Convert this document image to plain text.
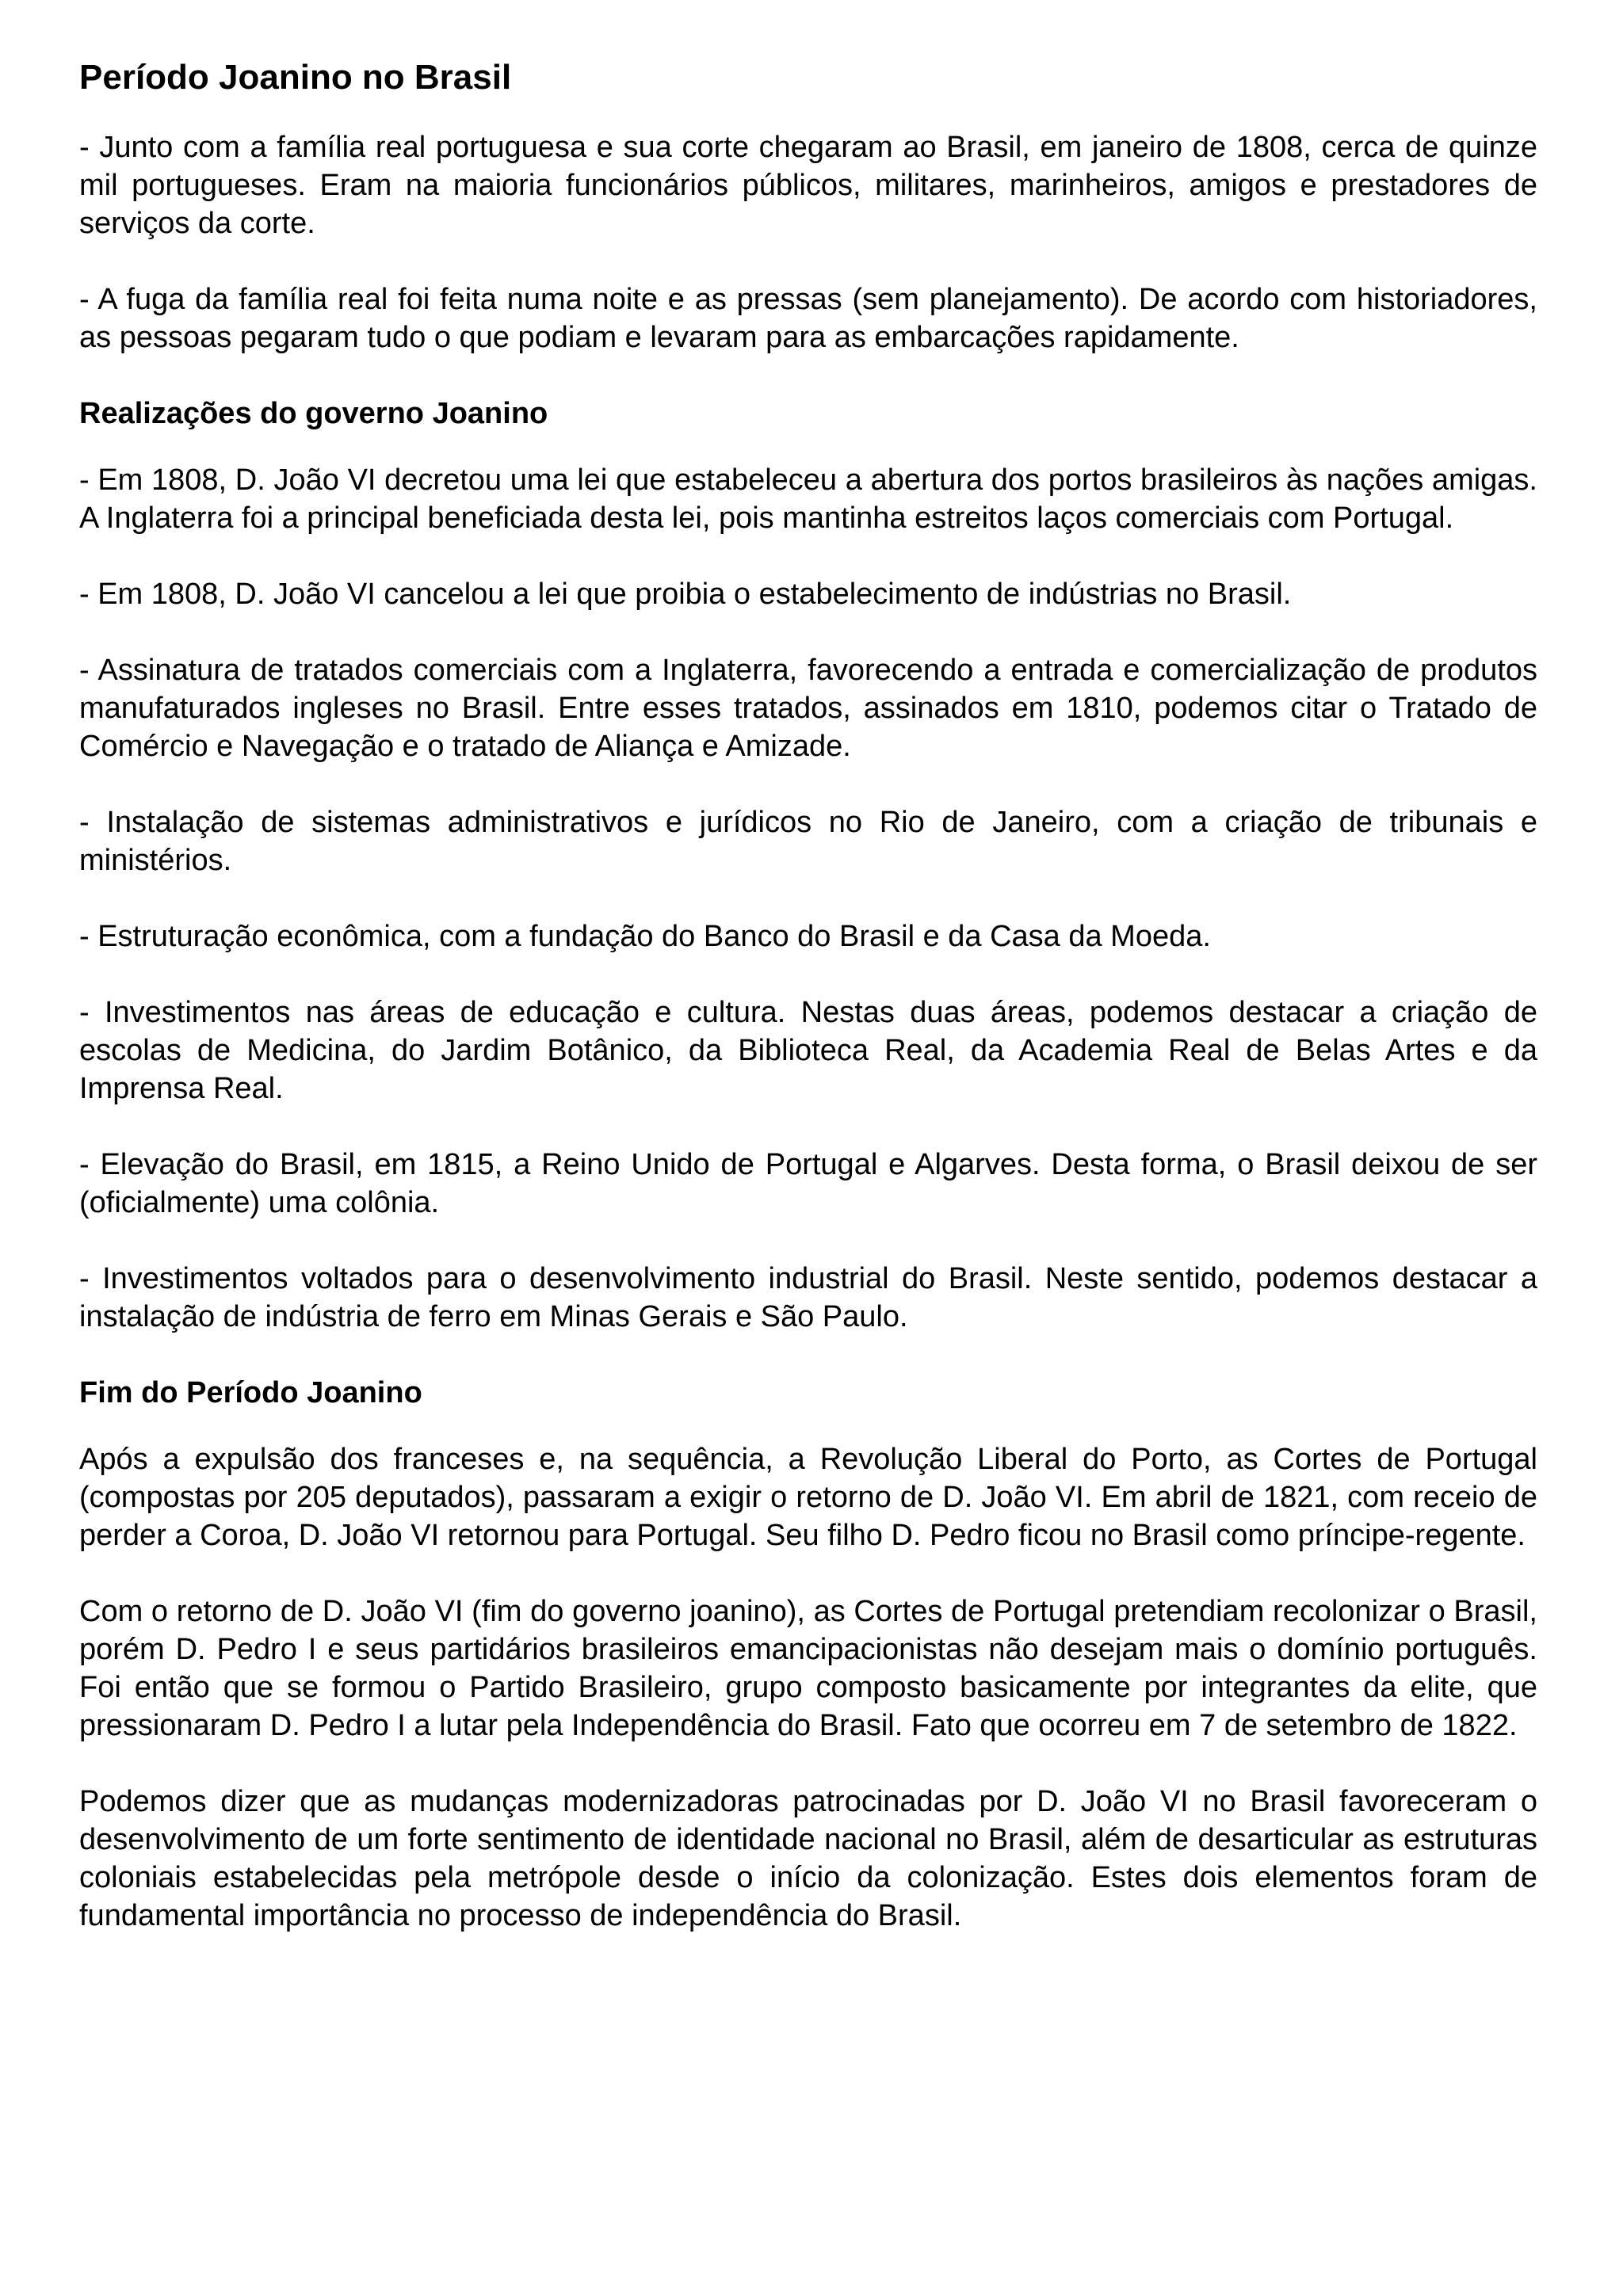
Período Joanino no Brasil

- Junto com a família real portuguesa e sua corte chegaram ao Brasil, em janeiro de 1808, cerca de quinze mil portugueses. Eram na maioria funcionários públicos, militares, marinheiros, amigos e prestadores de serviços da corte.

- A fuga da família real foi feita numa noite e as pressas (sem planejamento). De acordo com historiadores, as pessoas pegaram tudo o que podiam e levaram para as embarcações rapidamente.

Realizações do governo Joanino

- Em 1808, D. João VI decretou uma lei que estabeleceu a abertura dos portos brasileiros às nações amigas. A Inglaterra foi a principal beneficiada desta lei, pois mantinha estreitos laços comerciais com Portugal.

- Em 1808, D. João VI cancelou a lei que proibia o estabelecimento de indústrias no Brasil.

- Assinatura de tratados comerciais com a Inglaterra, favorecendo a entrada e comercialização de produtos manufaturados ingleses no Brasil. Entre esses tratados, assinados em 1810, podemos citar o Tratado de Comércio e Navegação e o tratado de Aliança e Amizade.

- Instalação de sistemas administrativos e jurídicos no Rio de Janeiro, com a criação de tribunais e ministérios.

- Estruturação econômica, com a fundação do Banco do Brasil e da Casa da Moeda.

- Investimentos nas áreas de educação e cultura. Nestas duas áreas, podemos destacar a criação de escolas de Medicina, do Jardim Botânico, da Biblioteca Real, da Academia Real de Belas Artes e da Imprensa Real.

- Elevação do Brasil, em 1815, a Reino Unido de Portugal e Algarves. Desta forma, o Brasil deixou de ser (oficialmente) uma colônia.

- Investimentos voltados para o desenvolvimento industrial do Brasil. Neste sentido, podemos destacar a instalação de indústria de ferro em Minas Gerais e São Paulo.

Fim do Período Joanino

Após a expulsão dos franceses e, na sequência, a Revolução Liberal do Porto, as Cortes de Portugal (compostas por 205 deputados), passaram a exigir o retorno de D. João VI. Em abril de 1821, com receio de perder a Coroa, D. João VI retornou para Portugal. Seu filho D. Pedro ficou no Brasil como príncipe-regente.

Com o retorno de D. João VI (fim do governo joanino), as Cortes de Portugal pretendiam recolonizar o Brasil, porém D. Pedro I e seus partidários brasileiros emancipacionistas não desejam mais o domínio português. Foi então que se formou o Partido Brasileiro, grupo composto basicamente por integrantes da elite, que pressionaram D. Pedro I a lutar pela Independência do Brasil. Fato que ocorreu em 7 de setembro de 1822.

Podemos dizer que as mudanças modernizadoras patrocinadas por D. João VI no Brasil favoreceram o desenvolvimento de um forte sentimento de identidade nacional no Brasil, além de desarticular as estruturas coloniais estabelecidas pela metrópole desde o início da colonização. Estes dois elementos foram de fundamental importância no processo de independência do Brasil.
